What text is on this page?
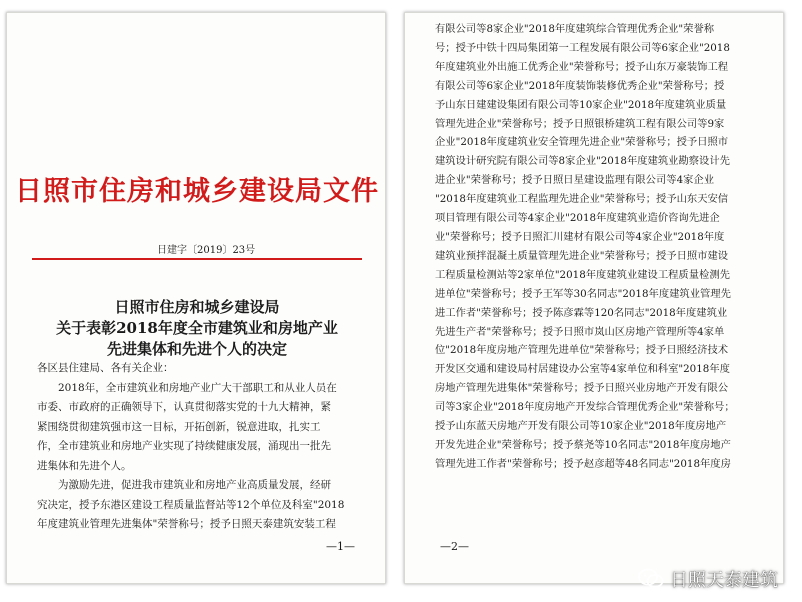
日照市住房和城乡建设局文件
日建字〔2019〕23号
日照市住房和城乡建设局
关于表彰2018年度全市建筑业和房地产业
先进集体和先进个人的决定
各区县住建局、各有关企业：
　　2018年，全市建筑业和房地产业广大干部职工和从业人员在
市委、市政府的正确领导下，认真贯彻落实党的十九大精神，紧
紧围绕贯彻建筑强市这一目标，开拓创新，锐意进取，扎实工
作，全市建筑业和房地产业实现了持续健康发展，涌现出一批先
进集体和先进个人。
　　为激励先进，促进我市建筑业和房地产业高质量发展，经研
究决定，授予东港区建设工程质量监督站等12个单位及科室"2018
年度建筑业管理先进集体"荣誉称号；授予日照天泰建筑安装工程
—1—
有限公司等8家企业"2018年度建筑综合管理优秀企业"荣誉称
号；授予中铁十四局集团第一工程发展有限公司等6家企业"2018
年度建筑业外出施工优秀企业"荣誉称号；授予山东万豪装饰工程
有限公司等6家企业"2018年度装饰装修优秀企业"荣誉称号；授
予山东日建建设集团有限公司等10家企业"2018年度建筑业质量
管理先进企业"荣誉称号；授予日照银桥建筑工程有限公司等9家
企业"2018年度建筑业安全管理先进企业"荣誉称号；授予日照市
建筑设计研究院有限公司等8家企业"2018年度建筑业勘察设计先
进企业"荣誉称号；授予日照日星建设监理有限公司等4家企业
"2018年度建筑业工程监理先进企业"荣誉称号；授予山东天安信
项目管理有限公司等4家企业"2018年度建筑业造价咨询先进企
业"荣誉称号；授予日照汇川建材有限公司等4家企业"2018年度
建筑业预拌混凝土质量管理先进企业"荣誉称号；授予日照市建设
工程质量检测站等2家单位"2018年度建筑业建设工程质量检测先
进单位"荣誉称号；授予王军等30名同志"2018年度建筑业管理先
进工作者"荣誉称号；授予陈彦霖等120名同志"2018年度建筑业
先进生产者"荣誉称号；授予日照市岚山区房地产管理所等4家单
位"2018年度房地产管理先进单位"荣誉称号；授予日照经济技术
开发区交通和建设局村居建设办公室等4家单位和科室"2018年度
房地产管理先进集体"荣誉称号；授予日照兴业房地产开发有限公
司等3家企业"2018年度房地产开发综合管理优秀企业"荣誉称号；
授予山东蓝天房地产开发有限公司等10家企业"2018年度房地产
开发先进企业"荣誉称号；授予蔡尧等10名同志"2018年度房地产
管理先进工作者"荣誉称号；授予赵彦超等48名同志"2018年度房
—2—
日照天泰建筑
